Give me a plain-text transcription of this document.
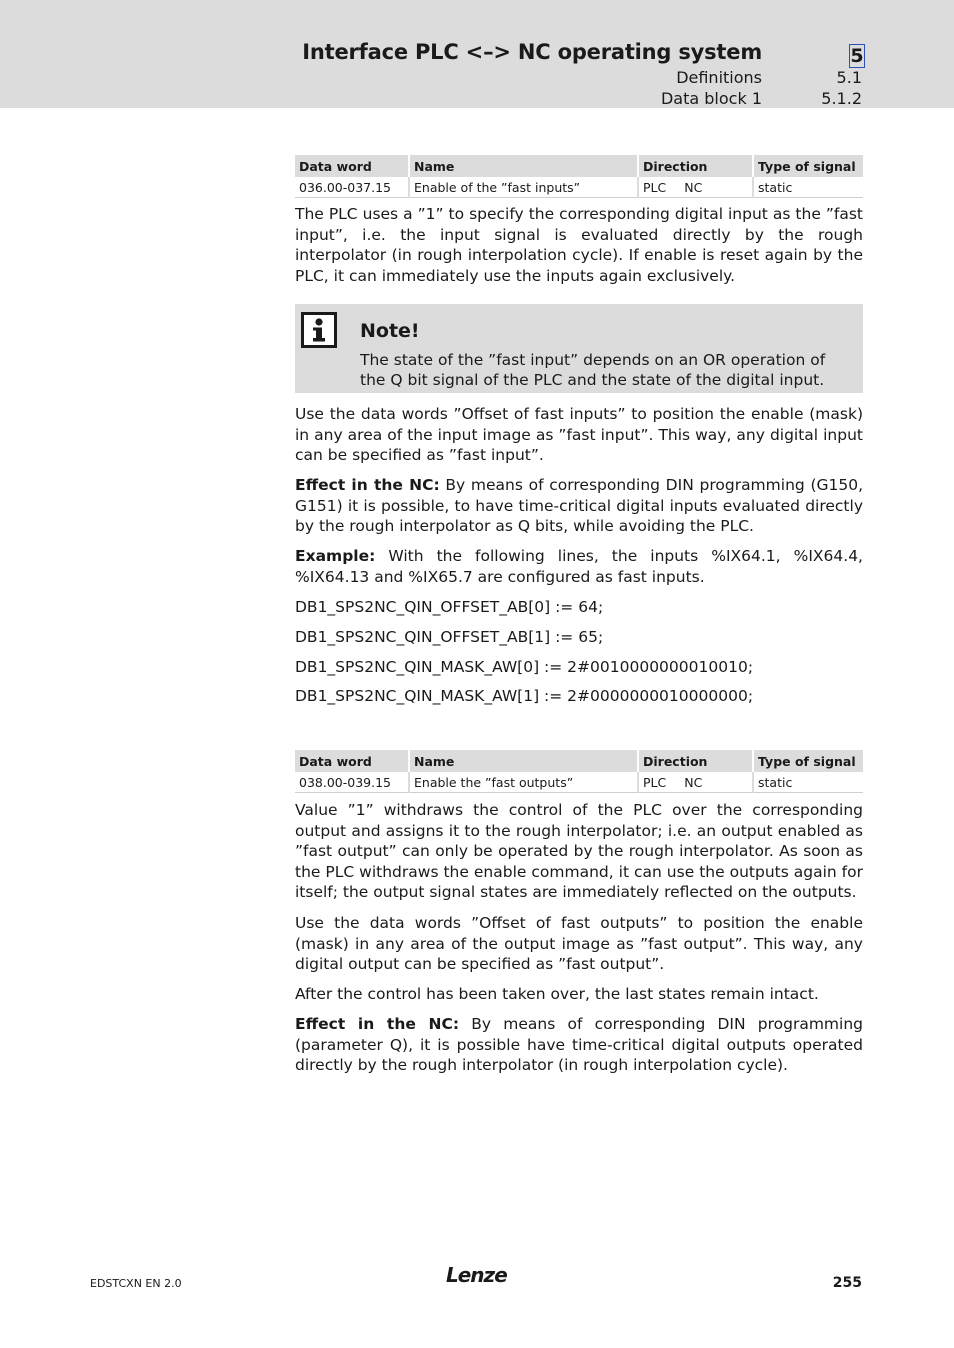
Interface PLC <–> NC operating system	5
Definitions	5.1
Data block 1	5.1.2
Data word	Name	Direction	Type of signal
036.00-037.15	Enable of the ”fast inputs”	PLC NC	static

The PLC uses a ”1” to specify the corresponding digital input as the ”fast input”, i.e. the input signal is evaluated directly by the rough interpolator (in rough interpolation cycle). If enable is reset again by the PLC, it can immediately use the inputs again exclusively.

Note!
The state of the ”fast input” depends on an OR operation of the Q bit signal of the PLC and the state of the digital input.

Use the data words ”Offset of fast inputs” to position the enable (mask) in any area of the input image as ”fast input”. This way, any digital input can be specified as ”fast input”.

Effect in the NC: By means of corresponding DIN programming (G150, G151) it is possible, to have time-critical digital inputs evaluated directly by the rough interpolator as Q bits, while avoiding the PLC.

Example: With the following lines, the inputs %IX64.1, %IX64.4, %IX64.13 and %IX65.7 are configured as fast inputs.

DB1_SPS2NC_QIN_OFFSET_AB[0] := 64;

DB1_SPS2NC_QIN_OFFSET_AB[1] := 65;

DB1_SPS2NC_QIN_MASK_AW[0] := 2#0010000000010010;

DB1_SPS2NC_QIN_MASK_AW[1] := 2#0000000010000000;

Data word	Name	Direction	Type of signal
038.00-039.15	Enable the ”fast outputs”	PLC NC	static

Value ”1” withdraws the control of the PLC over the corresponding output and assigns it to the rough interpolator; i.e. an output enabled as ”fast output” can only be operated by the rough interpolator. As soon as the PLC withdraws the enable command, it can use the outputs again for itself; the output signal states are immediately reflected on the outputs.

Use the data words ”Offset of fast outputs” to position the enable (mask) in any area of the output image as ”fast output”. This way, any digital output can be specified as ”fast output”.

After the control has been taken over, the last states remain intact.

Effect in the NC: By means of corresponding DIN programming (parameter Q), it is possible have time-critical digital outputs operated directly by the rough interpolator (in rough interpolation cycle).

EDSTCXN EN 2.0	Lenze	255
